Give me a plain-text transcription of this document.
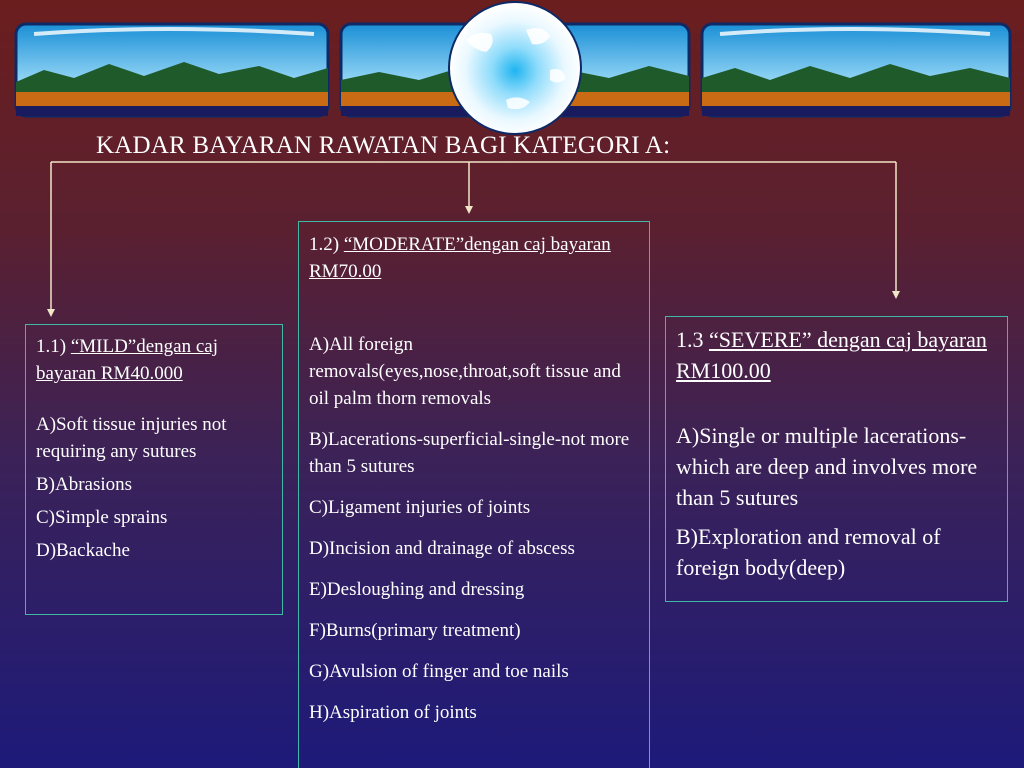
KADAR BAYARAN RAWATAN BAGI KATEGORI A:

1.1) “MILD”dengan caj bayaran RM40.000

A)Soft tissue injuries not requiring any sutures

B)Abrasions

C)Simple sprains

D)Backache

1.2) “MODERATE”dengan caj bayaran RM70.00

A)All foreign removals(eyes,nose,throat,soft tissue and oil palm thorn removals

B)Lacerations-superficial-single-not more than 5 sutures

C)Ligament injuries of joints

D)Incision and drainage of abscess

E)Desloughing and dressing

F)Burns(primary treatment)

G)Avulsion of finger and toe nails

H)Aspiration of joints

1.3 “SEVERE” dengan caj bayaran RM100.00

A)Single or multiple lacerations-which are deep and involves more than 5 sutures

B)Exploration and removal of foreign body(deep)
